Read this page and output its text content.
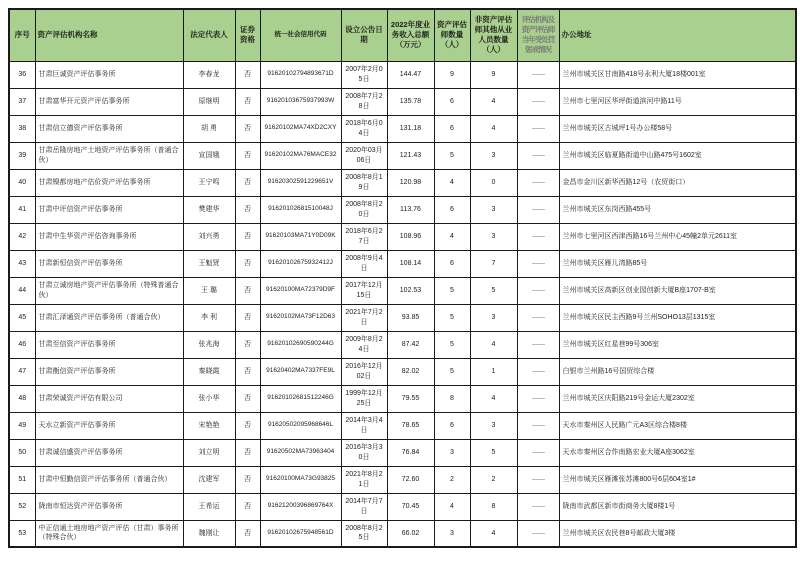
序号	资产评估机构名称	法定代表人	证券资格	统一社会信用代码	设立公告日期	2022年度业务收入总额（万元）	资产评估师数量（人）	非资产评估师其他从业人员数量（人）	评估机构及资产评估师当年受处罚惩戒情况	办公地址
36	甘肃巨诚资产评估事务所	李春龙	否	91620102794893671D	2007年2月05日	144.47	9	9	——	兰州市城关区甘南路418号永利大厦18楼001室
37	甘肃富华开元资产评估事务所	原继明	否	91620103675937993W	2008年7月28日	135.78	6	4	——	兰州市七里河区华坪街道滨河中路11号
38	甘肃信立德资产评估事务所	胡 勇	否	91620102MA74XD2CXY	2018年6月04日	131.18	6	4	——	兰州市城关区古城坪1号办公楼58号
39	甘肃岳隆房地产土地资产评估事务所（普通合伙）	宣国娥	否	91620102MA76MACE32	2020年03月06日	121.43	5	3	——	兰州市城关区临夏路街道中山路475号1602室
40	甘肃镍都房地产估价资产评估事务所	王宁鸣	否	91620302591229651V	2008年8月19日	120.98	4	0	——	金昌市金川区新华西路12号（农贸街口）
41	甘肃中评信资产评估事务所	樊建华	否	91620102681510048J	2008年8月20日	113.76	6	3	——	兰州市城关区东岗西路455号
42	甘肃中生华资产评估咨询事务所	刘兴勇	否	91620103MA71Y0D09K	2018年6月27日	108.96	4	3	——	兰州市七里河区西津西路16号兰州中心45幢2单元2611室
43	甘肃新恒信资产评估事务所	王魁贤	否	91620102675932412J	2008年9月4日	108.14	6	7	——	兰州市城关区雁儿湾路85号
44	甘肃立诚房地产资产评估事务所（特殊普通合伙）	王 璐	否	91620100MA72379D9F	2017年12月15日	102.53	5	5	——	兰州市城关区高新区创业园创新大厦B座1707-B室
45	甘肃汇泽通资产评估事务所（普通合伙）	李 利	否	91620102MA73F12D63	2021年7月2日	93.85	5	3	——	兰州市城关区民主西路9号兰州SOHO13层1315室
46	甘肃至信资产评估事务所	张兆海	否	91620102690590244G	2009年8月24日	87.42	5	4	——	兰州市城关区红星巷99号306室
47	甘肃衡信资产评估事务所	秦晓霞	否	91620402MA7337FE9L	2016年12月02日	82.02	5	1	——	白银市兰州路16号国贸综合楼
48	甘肃荣诚资产评估有限公司	张小华	否	91620102681512246G	1999年12月25日	79.55	8	4	——	兰州市城关区庆阳路219号金运大厦2302室
49	天水立新资产评估事务所	宋艳艳	否	91620502095968646L	2014年3月4日	78.65	6	3	——	天水市秦州区人民路广元A3区综合楼8楼
50	甘肃诚信盛资产评估事务所	刘立明	否	91620502MA73963404	2016年3月30日	76.84	3	5	——	天水市秦州区合作南路宏业大厦A座3062室
51	甘肃中恒勤信资产评估事务所（普通合伙）	沈建军	否	91620100MA73G93825	2021年8月21日	72.60	2	2	——	兰州市城关区雁滩张苏滩800号6层604室1#
52	陇南市恒达资产评估事务所	王希运	否	91621200396869764X	2014年7月7日	70.45	4	8	——	陇南市武都区新市街商务大厦8楼1号
53	中正信通土地房地产资产评估（甘肃）事务所（特殊合伙）	魏刚让	否	91620102675948561D	2008年8月25日	66.02	3	4	——	兰州市城关区农民巷8号邮政大厦3楼
